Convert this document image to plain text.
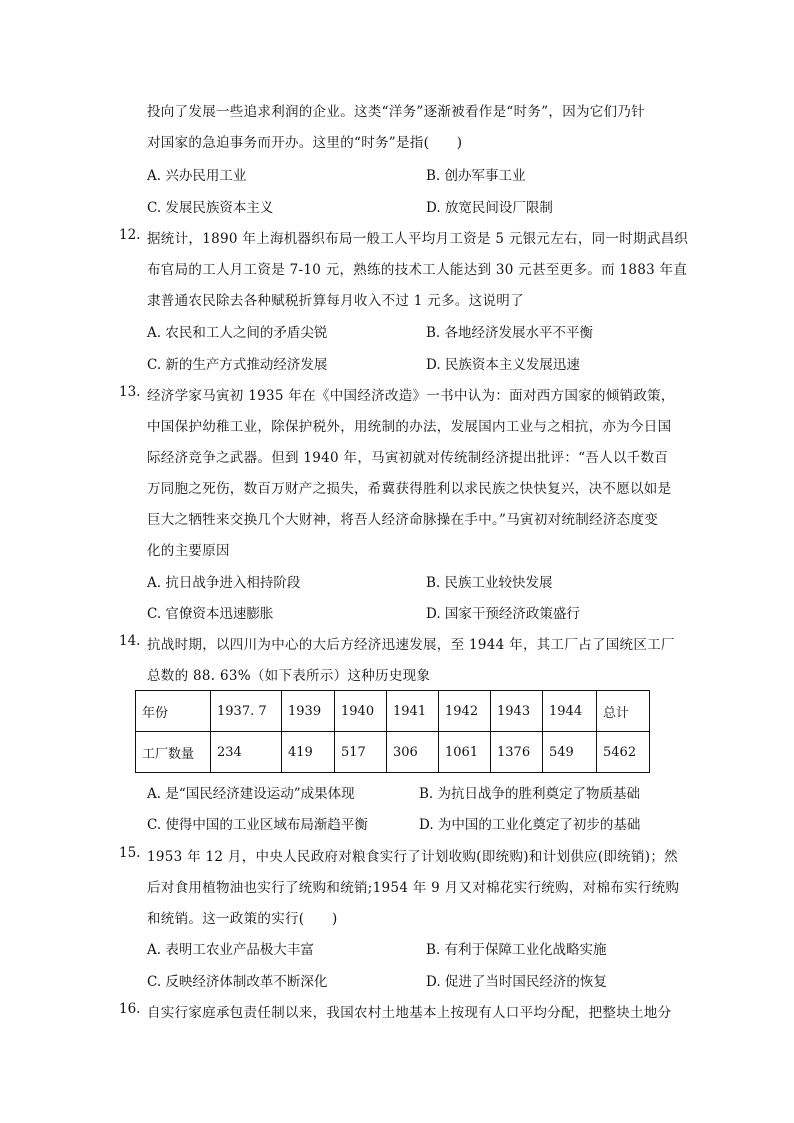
投向了发展一些追求利润的企业。这类“洋务”逐渐被看作是“时务”，因为它们乃针
对国家的急迫事务而开办。这里的“时务”是指(　　)
A. 兴办民用工业	B. 创办军事工业
C. 发展民族资本主义	D. 放宽民间设厂限制
12. 据统计，1890 年上海机器织布局一般工人平均月工资是 5 元银元左右，同一时期武昌织
布官局的工人月工资是 7-10 元，熟练的技术工人能达到 30 元甚至更多。而 1883 年直
隶普通农民除去各种赋税折算每月收入不过 1 元多。这说明了
A. 农民和工人之间的矛盾尖锐	B. 各地经济发展水平不平衡
C. 新的生产方式推动经济发展	D. 民族资本主义发展迅速
13. 经济学家马寅初 1935 年在《中国经济改造》一书中认为：面对西方国家的倾销政策，
中国保护幼稚工业，除保护税外，用统制的办法，发展国内工业与之相抗，亦为今日国
际经济竞争之武器。但到 1940 年，马寅初就对传统制经济提出批评：“吾人以千数百
万同胞之死伤，数百万财产之损失，希冀获得胜利以求民族之快快复兴，决不愿以如是
巨大之牺牲来交换几个大财神，将吾人经济命脉操在手中。”马寅初对统制经济态度变
化的主要原因
A. 抗日战争进入相持阶段	B. 民族工业较快发展
C. 官僚资本迅速膨胀	D. 国家干预经济政策盛行
14. 抗战时期，以四川为中心的大后方经济迅速发展，至 1944 年，其工厂占了国统区工厂
总数的 88. 63%（如下表所示）这种历史现象
年份	1937. 7	1939	1940	1941	1942	1943	1944	总计
工厂数量	234	419	517	306	1061	1376	549	5462
A. 是“国民经济建设运动”成果体现	B. 为抗日战争的胜利奠定了物质基础
C. 使得中国的工业区域布局渐趋平衡	D. 为中国的工业化奠定了初步的基础
15. 1953 年 12 月，中央人民政府对粮食实行了计划收购(即统购)和计划供应(即统销)；然
后对食用植物油也实行了统购和统销;1954 年 9 月又对棉花实行统购，对棉布实行统购
和统销。这一政策的实行(　　)
A. 表明工农业产品极大丰富	B. 有利于保障工业化战略实施
C. 反映经济体制改革不断深化	D. 促进了当时国民经济的恢复
16. 自实行家庭承包责任制以来，我国农村土地基本上按现有人口平均分配，把整块土地分
